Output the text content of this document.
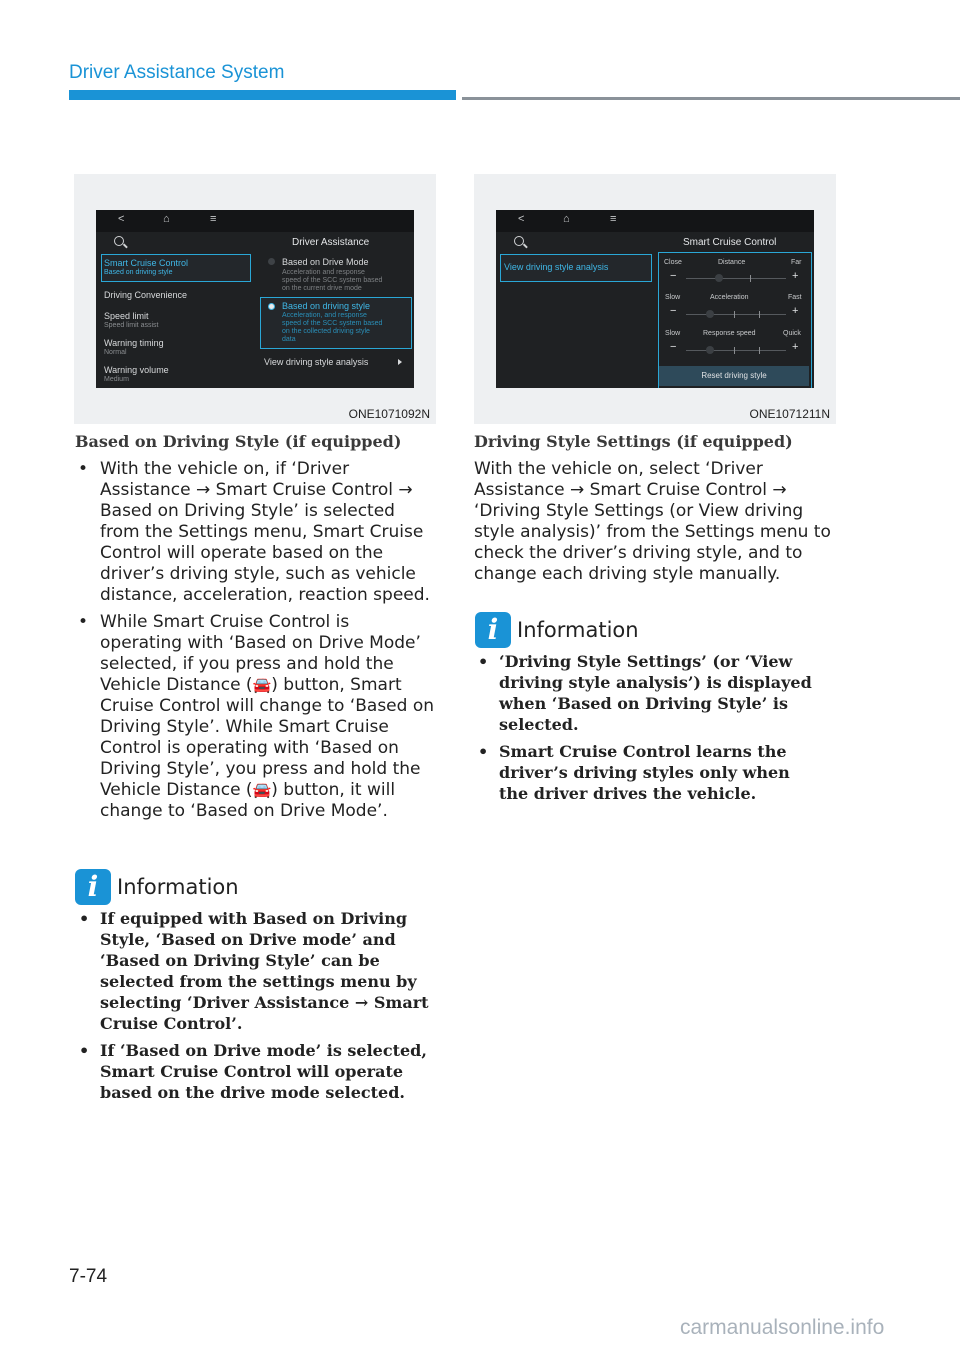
Driver Assistance System
<	⌂	≡
Driver Assistance
Smart Cruise Control
Based on driving style
Driving Convenience
Speed limit
Speed limit assist
Warning timing
Normal
Warning volume
Medium
Based on Drive Mode
Acceleration and response
speed of the SCC system based
on the current drive mode
Based on driving style
Acceleration, and response
speed of the SCC system based
on the collected driving style
data
View driving style analysis
ONE1071092N
<	⌂	≡
Smart Cruise Control
View driving style analysis	Close	Distance	Far
−	+
Slow	Acceleration	Fast
−	+
Slow	Response speed	Quick
−	+
Reset driving style
ONE1071211N
Based on Driving Style (if equipped)
• With the vehicle on, if ‘Driver Assistance → Smart Cruise Control → Based on Driving Style’ is selected from the Settings menu, Smart Cruise Control will operate based on the driver’s driving style, such as vehicle distance, acceleration, reaction speed.
• While Smart Cruise Control is operating with ‘Based on Drive Mode’ selected, if you press and hold the Vehicle Distance (🚘) button, Smart Cruise Control will change to ‘Based on Driving Style’. While Smart Cruise Control is operating with ‘Based on Driving Style’, you press and hold the Vehicle Distance (🚘) button, it will change to ‘Based on Drive Mode’.
i Information
• If equipped with Based on Driving Style, ‘Based on Drive mode’ and ‘Based on Driving Style’ can be selected from the settings menu by selecting ‘Driver Assistance → Smart Cruise Control’.
• If ‘Based on Drive mode’ is selected, Smart Cruise Control will operate based on the drive mode selected.
Driving Style Settings (if equipped)
With the vehicle on, select ‘Driver Assistance → Smart Cruise Control → ‘Driving Style Settings (or View driving style analysis)’ from the Settings menu to check the driver’s driving style, and to change each driving style manually.
i Information
• ‘Driving Style Settings’ (or ‘View driving style analysis’) is displayed when ‘Based on Driving Style’ is selected.
• Smart Cruise Control learns the driver’s driving styles only when the driver drives the vehicle.
7-74
carmanualsonline.info
